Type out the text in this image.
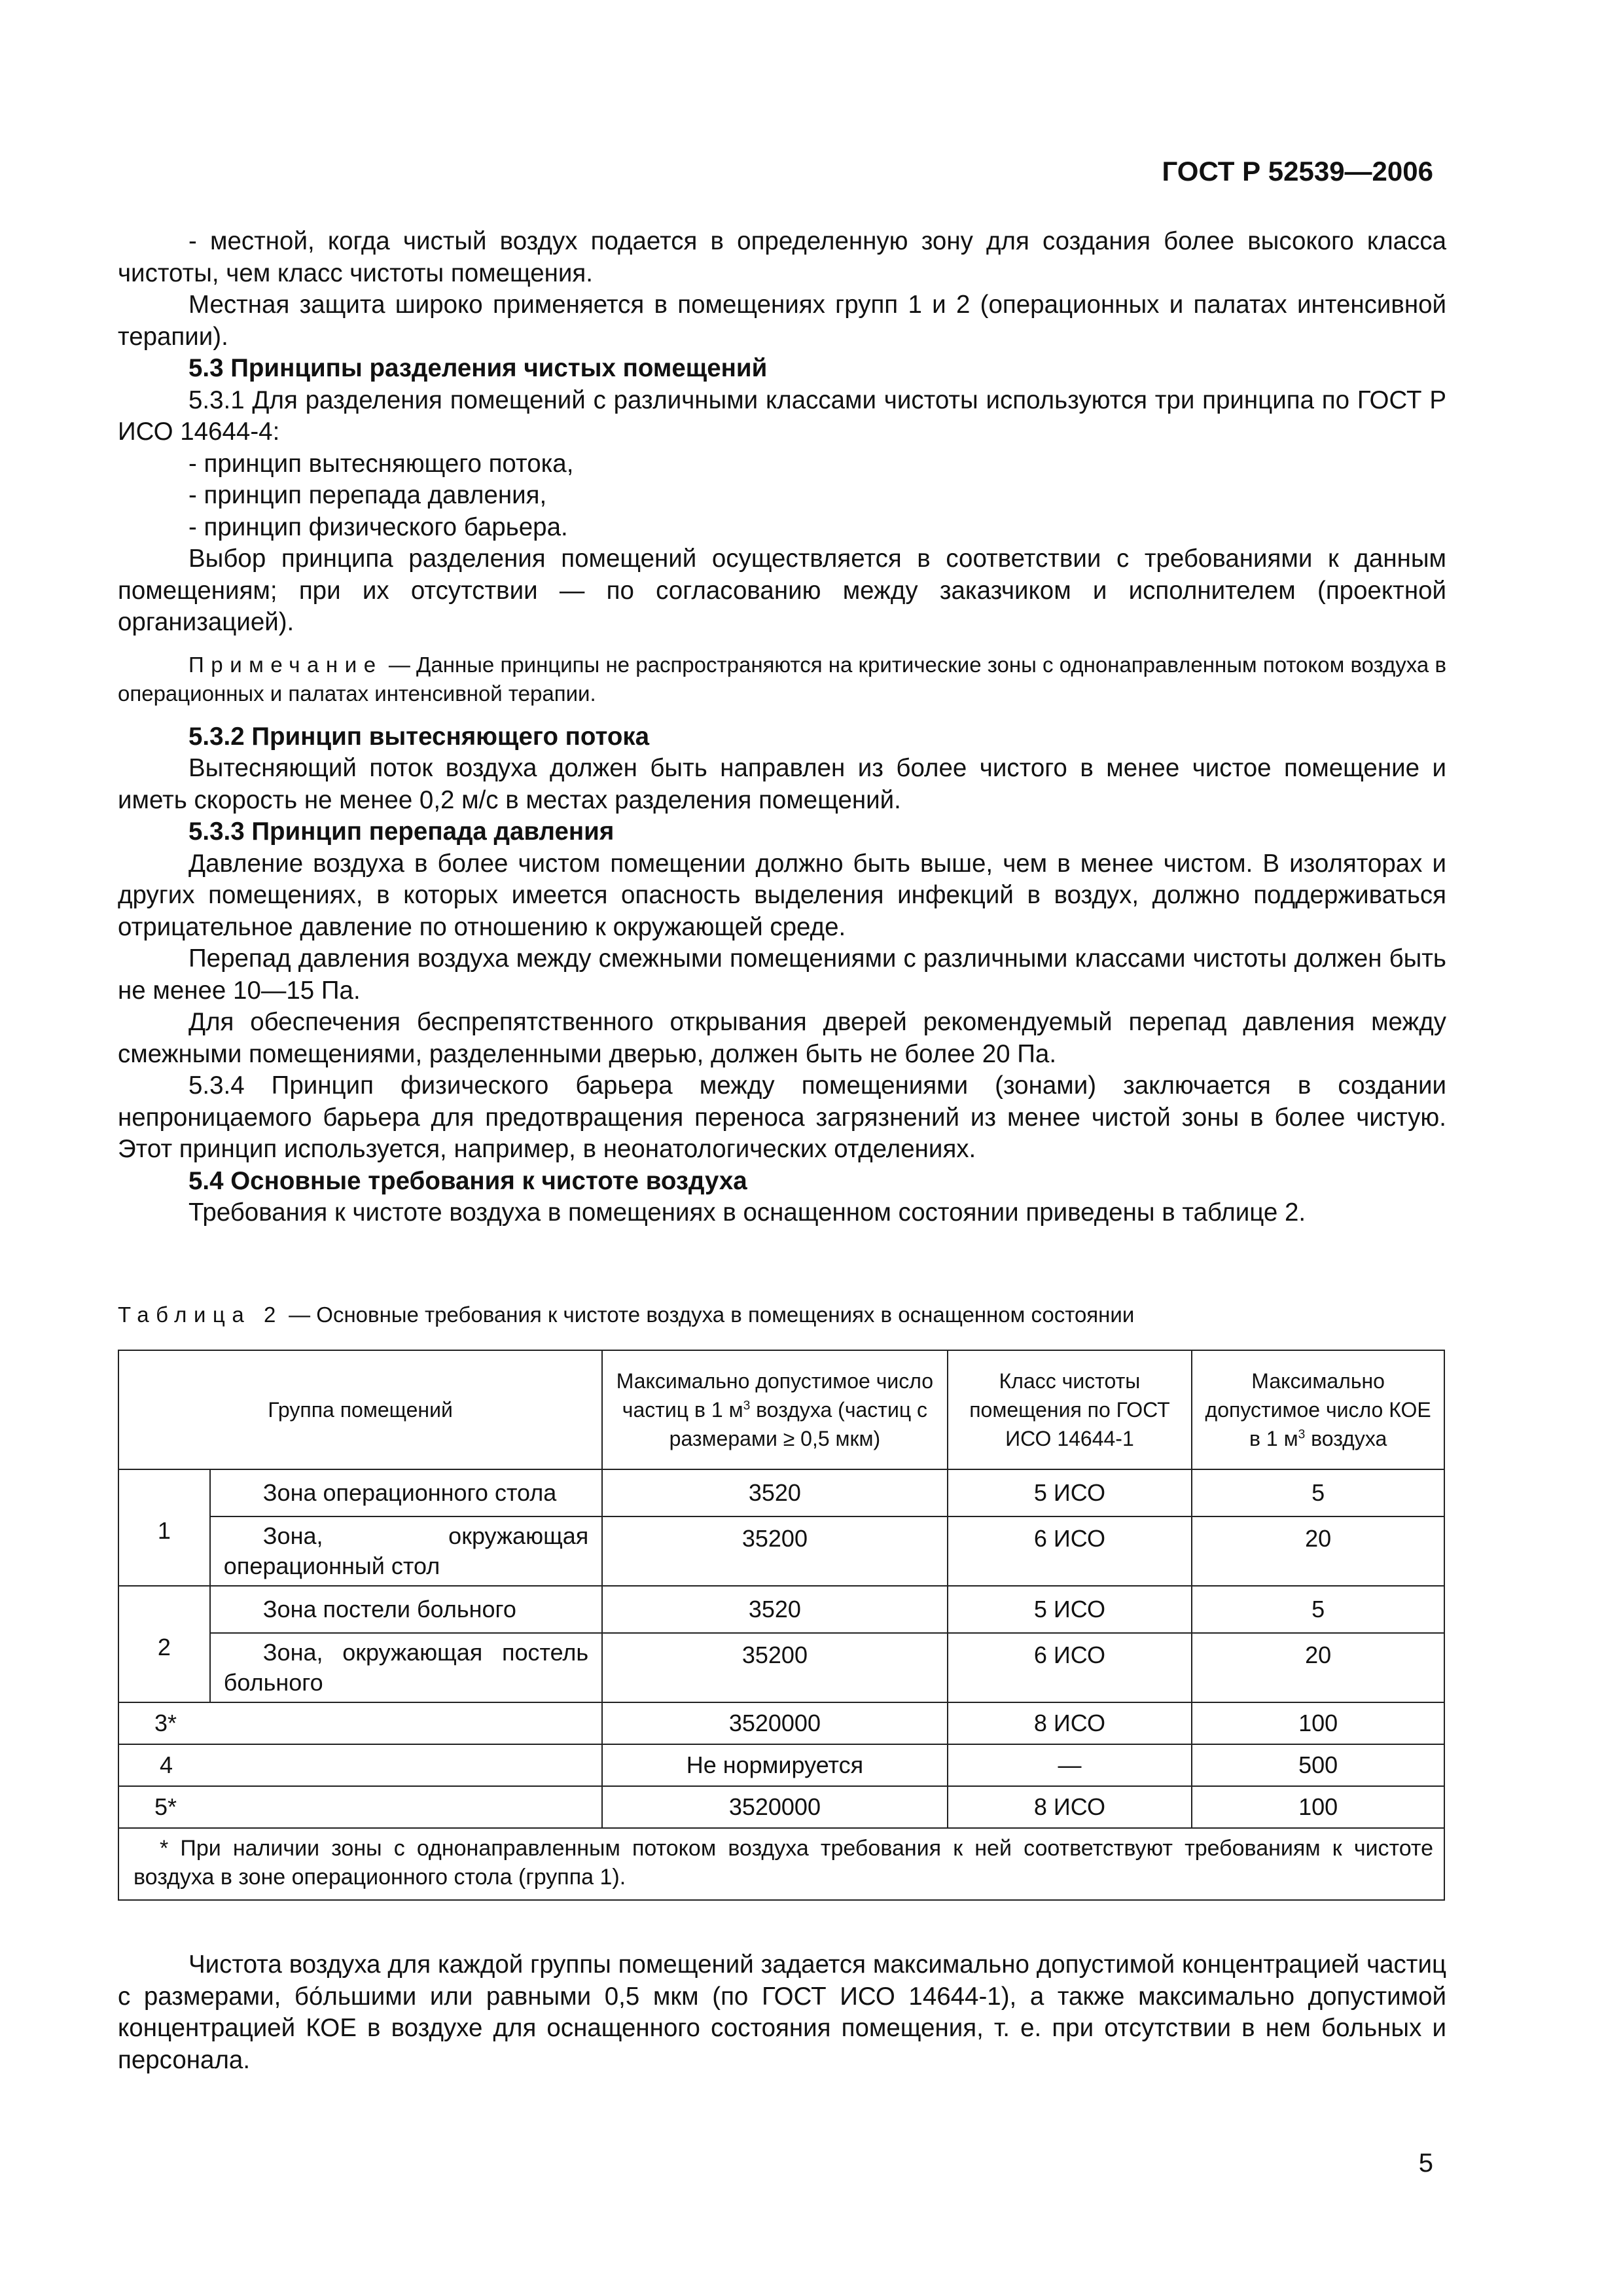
ГОСТ Р 52539—2006

- местной, когда чистый воздух подается в определенную зону для создания более высокого класса чистоты, чем класс чистоты помещения.

Местная защита широко применяется в помещениях групп 1 и 2 (операционных и палатах интенсивной терапии).

5.3 Принципы разделения чистых помещений

5.3.1 Для разделения помещений с различными классами чистоты используются три принципа по ГОСТ Р ИСО 14644-4:

- принцип вытесняющего потока,

- принцип перепада давления,

- принцип физического барьера.

Выбор принципа разделения помещений осуществляется в соответствии с требованиями к данным помещениям; при их отсутствии — по согласованию между заказчиком и исполнителем (проектной организацией).

Примечание — Данные принципы не распространяются на критические зоны с однонаправленным потоком воздуха в операционных и палатах интенсивной терапии.

5.3.2 Принцип вытесняющего потока

Вытесняющий поток воздуха должен быть направлен из более чистого в менее чистое помещение и иметь скорость не менее 0,2 м/с в местах разделения помещений.

5.3.3 Принцип перепада давления

Давление воздуха в более чистом помещении должно быть выше, чем в менее чистом. В изоляторах и других помещениях, в которых имеется опасность выделения инфекций в воздух, должно поддерживаться отрицательное давление по отношению к окружающей среде.

Перепад давления воздуха между смежными помещениями с различными классами чистоты должен быть не менее 10—15 Па.

Для обеспечения беспрепятственного открывания дверей рекомендуемый перепад давления между смежными помещениями, разделенными дверью, должен быть не более 20 Па.

5.3.4 Принцип физического барьера между помещениями (зонами) заключается в создании непроницаемого барьера для предотвращения переноса загрязнений из менее чистой зоны в более чистую. Этот принцип используется, например, в неонатологических отделениях.

5.4 Основные требования к чистоте воздуха

Требования к чистоте воздуха в помещениях в оснащенном состоянии приведены в таблице 2.

Таблица 2 — Основные требования к чистоте воздуха в помещениях в оснащенном состоянии
Группа помещений		Максимально допустимое число частиц в 1 $м^3$ воздуха (частиц с размерами ≥ 0,5 мкм)	Класс чистоты помещения по ГОСТ ИСО 14644-1	Максимально допустимое число КОЕ в 1 $м^3$ воздуха
1	Зона операционного стола	3520	5 ИСО	5
	Зона, окружающая операционный стол	35200	6 ИСО	20
2	Зона постели больного	3520	5 ИСО	5
	Зона, окружающая постель больного	35200	6 ИСО	20
3*		3520000	8 ИСО	100
4		Не нормируется	—	500
5*		3520000	8 ИСО	100

* При наличии зоны с однонаправленным потоком воздуха требования к ней соответствуют требованиям к чистоте воздуха в зоне операционного стола (группа 1).				

Чистота воздуха для каждой группы помещений задается максимально допустимой концентрацией частиц с размерами, бо́льшими или равными 0,5 мкм (по ГОСТ ИСО 14644-1), а также максимально допустимой концентрацией КОЕ в воздухе для оснащенного состояния помещения, т. е. при отсутствии в нем больных и персонала.

5
